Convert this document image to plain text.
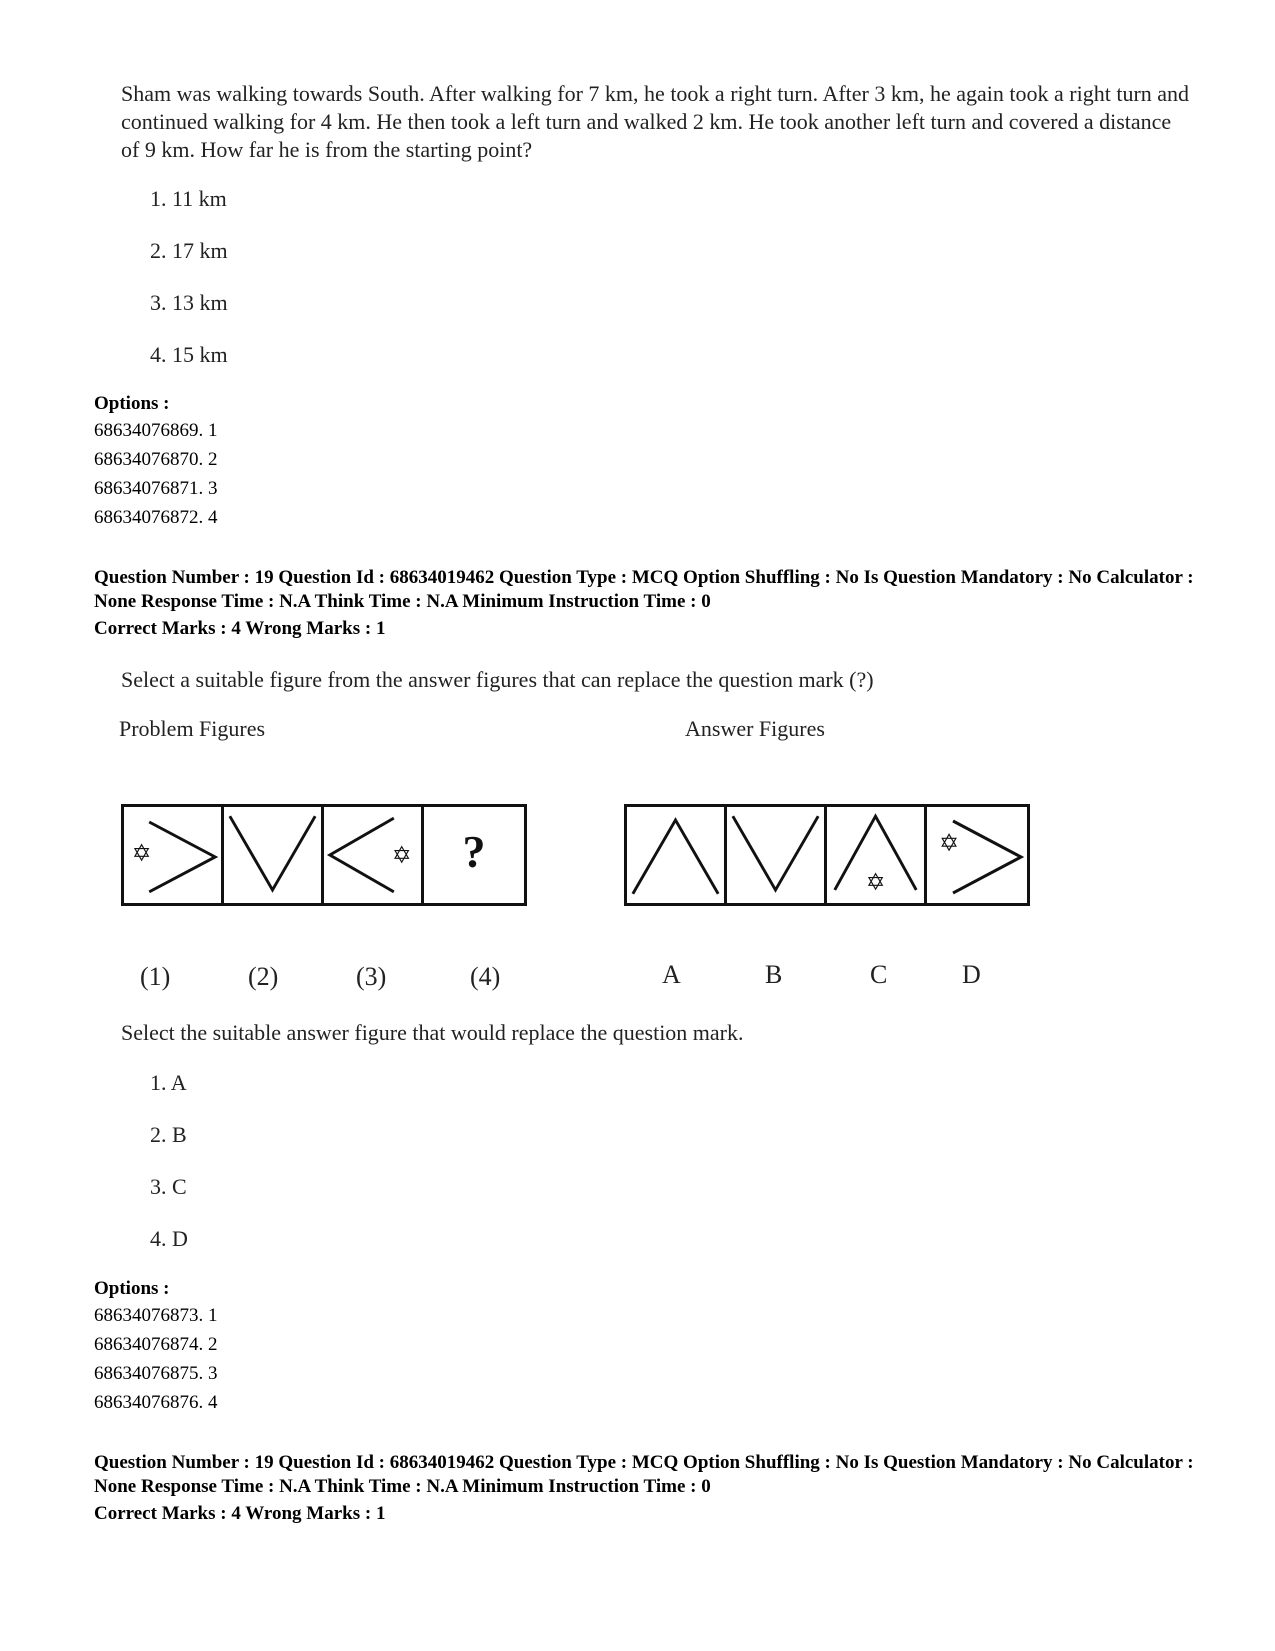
Sham was walking towards South. After walking for 7 km, he took a right turn. After 3 km, he again took a right turn and continued walking for 4 km. He then took a left turn and walked 2 km. He took another left turn and covered a distance of 9 km. How far he is from the starting point?
1. 11 km
2. 17 km
3. 13 km
4. 15 km
Options :
68634076869. 1
68634076870. 2
68634076871. 3
68634076872. 4
Question Number : 19 Question Id : 68634019462 Question Type : MCQ Option Shuffling : No Is Question Mandatory : No Calculator : None Response Time : N.A Think Time : N.A Minimum Instruction Time : 0
Correct Marks : 4 Wrong Marks : 1
Select a suitable figure from the answer figures that can replace the question mark (?)
Problem Figures	Answer Figures
✡	✡	?
(1)	(2)	(3)	(4)
✡
✡
A	B	C	D
Select the suitable answer figure that would replace the question mark.
1. A
2. B
3. C
4. D
Options :
68634076873. 1
68634076874. 2
68634076875. 3
68634076876. 4
Question Number : 19 Question Id : 68634019462 Question Type : MCQ Option Shuffling : No Is Question Mandatory : No Calculator : None Response Time : N.A Think Time : N.A Minimum Instruction Time : 0
Correct Marks : 4 Wrong Marks : 1
